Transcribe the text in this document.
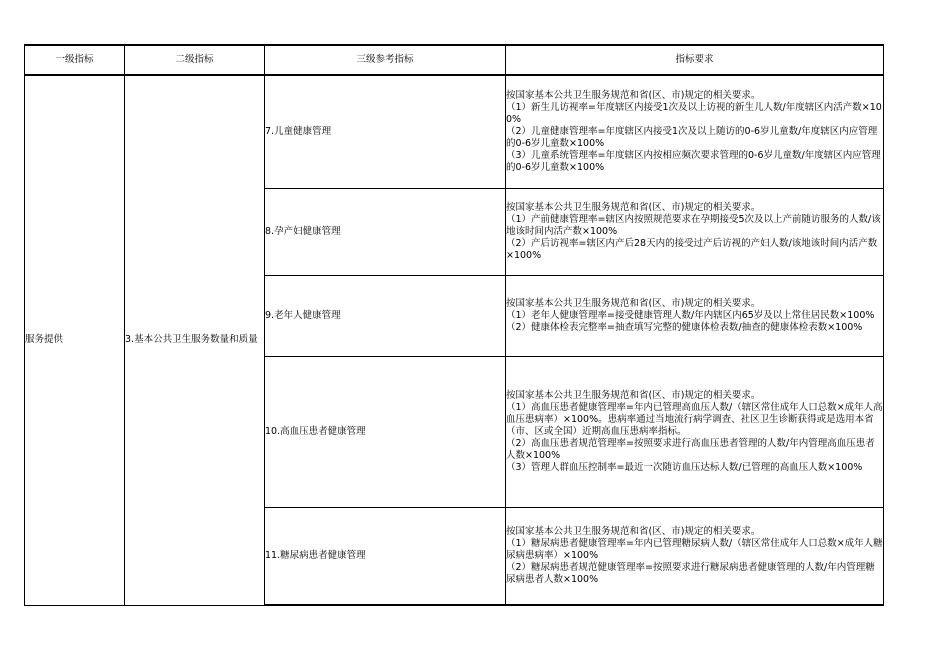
一级指标	二级指标	三级参考指标	指标要求
服务提供	3.基本公共卫生服务数量和质量	7.儿童健康管理	按国家基本公共卫生服务规范和省(区、市)规定的相关要求。
（1）新生儿访视率=年度辖区内接受1次及以上访视的新生儿人数/年度辖区内活产数×100%
（2）儿童健康管理率=年度辖区内接受1次及以上随访的0-6岁儿童数/年度辖区内应管理的0-6岁儿童数×100%
（3）儿童系统管理率=年度辖区内按相应频次要求管理的0-6岁儿童数/年度辖区内应管理的0-6岁儿童数×100%

		8.孕产妇健康管理	按国家基本公共卫生服务规范和省(区、市)规定的相关要求。
（1）产前健康管理率=辖区内按照规范要求在孕期接受5次及以上产前随访服务的人数/该地该时间内活产数×100%
（2）产后访视率=辖区内产后28天内的接受过产后访视的产妇人数/该地该时间内活产数×100%

		9.老年人健康管理	按国家基本公共卫生服务规范和省(区、市)规定的相关要求。
（1）老年人健康管理率=接受健康管理人数/年内辖区内65岁及以上常住居民数×100%
（2）健康体检表完整率=抽查填写完整的健康体检表数/抽查的健康体检表数×100%

		10.高血压患者健康管理	按国家基本公共卫生服务规范和省(区、市)规定的相关要求。
（1）高血压患者健康管理率=年内已管理高血压人数/（辖区常住成年人口总数×成年人高血压患病率）×100%。患病率通过当地流行病学调查、社区卫生诊断获得或是选用本省（市、区或全国）近期高血压患病率指标。
（2）高血压患者规范管理率=按照要求进行高血压患者管理的人数/年内管理高血压患者人数×100%
（3）管理人群血压控制率=最近一次随访血压达标人数/已管理的高血压人数×100%

		11.糖尿病患者健康管理	按国家基本公共卫生服务规范和省(区、市)规定的相关要求。
（1）糖尿病患者健康管理率=年内已管理糖尿病人数/（辖区常住成年人口总数×成年人糖尿病患病率）×100%
（2）糖尿病患者规范健康管理率=按照要求进行糖尿病患者健康管理的人数/年内管理糖尿病患者人数×100%
